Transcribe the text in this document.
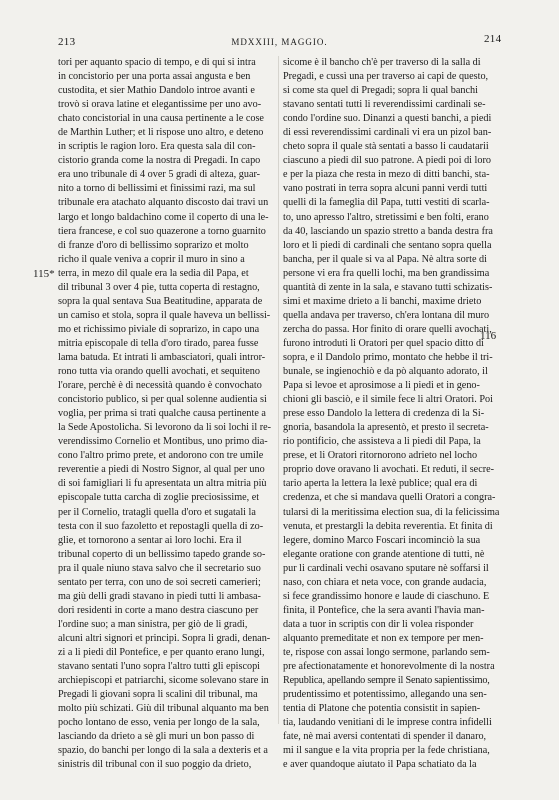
213	MDXXIII, MAGGIO.	214
115*
116
tori per aquanto spacio di tempo, e di qui si intra
in concistorio per una porta assai angusta e ben
custodita, et sier Mathio Dandolo introe avanti e
trovò si orava latine et elegantissime per uno avo-
chato concistorial in una causa pertinente a le cose
de Marthin Luther; et li rispose uno altro, e deteno
in scriptis le ragion loro. Era questa sala dil con-
cistorio granda come la nostra di Pregadi. In capo
era uno tribunale di 4 over 5 gradi di alteza, guar-
nito a torno di bellissimi et finissimi razi, ma sul
tribunale era atachato alquanto discosto dai travi un
largo et longo baldachino come il coperto di una le-
tiera francese, e col suo quazerone a torno guarnito
di franze d'oro di bellissimo soprarizo et molto
richo il quale veniva a coprir il muro in sino a
terra, in mezo dil quale era la sedia dil Papa, et
dil tribunal 3 over 4 pie, tutta coperta di restagno,
sopra la qual sentava Sua Beatitudine, apparata de
un camiso et stola, sopra il quale haveva un bellissi-
mo et richissimo piviale di soprarizo, in capo una
mitria episcopale di tella d'oro tirado, parea fusse
lama batuda. Et intrati li ambasciatori, quali intror-
rono tutta via orando quelli avochati, et sequiteno
l'orare, perchè è di necessità quando è convochato
concistorio publico, sì per qual solenne audientia si
voglia, per prima si trati qualche causa pertinente a
la Sede Apostolicha. Si levorono da li soi lochi il re-
verendissimo Cornelio et Montibus, uno primo dia-
cono l'altro primo prete, et andorono con tre umile
reverentie a piedi di Nostro Signor, al qual per uno
di soi famigliari li fu apresentata un altra mitria più
episcopale tutta carcha di zoglie preciosissime, et
per il Cornelio, tratagli quella d'oro et sugatali la
testa con il suo fazoletto et repostagli quella di zo-
glie, et tornorono a sentar ai loro lochi. Era il
tribunal coperto di un bellissimo tapedo grande so-
pra il quale niuno stava salvo che il secretario suo
sentato per terra, con uno de soi secreti camerieri;
ma giù delli gradi stavano in piedi tutti li ambasa-
dori residenti in corte a mano destra ciascuno per
l'ordine suo; a man sinistra, per giò de li gradi,
alcuni altri signori et principi. Sopra li gradi, denan-
zi a li piedi dil Pontefice, e per quanto erano lungi,
stavano sentati l'uno sopra l'altro tutti gli episcopi
archiepiscopi et patriarchi, sicome solevano stare in
Pregadi li giovani sopra li scalini dil tribunal, ma
molto più schizati. Giù dil tribunal alquanto ma ben
pocho lontano de esso, venia per longo de la sala,
lasciando da drieto a sè gli muri un bon passo di
spazio, do banchi per longo di la sala a dexteris et a
sinistris dil tribunal con il suo poggio da drieto,
sicome è il bancho ch'è per traverso di la salla di
Pregadi, e cussì una per traverso ai capi de questo,
si come sta quel di Pregadi; sopra li qual banchi
stavano sentati tutti li reverendissimi cardinali se-
condo l'ordine suo. Dinanzi a questi banchi, a piedi
di essi reverendissimi cardinali vi era un pizol ban-
cheto sopra il quale stà sentati a basso li caudatarii
ciascuno a piedi dil suo patrone. A piedi poi di loro
e per la piaza che resta in mezo di ditti banchi, sta-
vano postrati in terra sopra alcuni panni verdi tutti
quelli di la fameglia dil Papa, tutti vestiti di scarla-
to, uno apresso l'altro, stretissimi e ben folti, erano
da 40, lasciando un spazio stretto a banda destra fra
loro et li piedi di cardinali che sentano sopra quella
bancha, per il quale si va al Papa. Nè altra sorte di
persone vi era fra quelli lochi, ma ben grandissima
quantità di zente in la sala, e stavano tutti schizatis-
simi et maxime drieto a li banchi, maxime drieto
quella andava per traverso, ch'era lontana dil muro
zercha do passa. Hor finito di orare quelli avochati,
furono introduti li Oratori per quel spacio ditto di
sopra, e il Dandolo primo, montato che hebbe il tri-
bunale, se ingienochiò e da pò alquanto adorato, il
Papa si levoe et aprosimose a li piedi et in geno-
chioni gli basciò, e il simile fece li altri Oratori. Poi
prese esso Dandolo la lettera di credenza di la Si-
gnoria, basandola la apresentò, et presto il secreta-
rio pontificio, che assisteva a li piedi dil Papa, la
prese, et li Oratori ritornorono adrieto nel locho
proprio dove oravano li avochati. Et reduti, il secre-
tario aperta la lettera la lexè publice; qual era di
credenza, et che si mandava quelli Oratori a congra-
tularsi di la meritissima election sua, di la felicissima
venuta, et prestargli la debita reverentia. Et finita di
legere, domino Marco Foscari incominciò la sua
elegante oratione con grande atentione di tutti, nè
pur li cardinali vechi osavano sputare nè soffarsi il
naso, con chiara et neta voce, con grande audacia,
si fece grandissimo honore e laude di ciaschuno. E
finita, il Pontefice, che la sera avanti l'havia man-
data a tuor in scriptis con dir li volea risponder
alquanto premeditate et non ex tempore per men-
te, rispose con assai longo sermone, parlando sem-
pre afectionatamente et honorevolmente di la nostra
Republica, apellando sempre il Senato sapientissimo,
prudentissimo et potentissimo, allegando una sen-
tentia di Platone che potentia consistit in sapien-
tia, laudando venitiani di le imprese contra infidelli
fate, nè mai aversi contentati di spender il danaro,
mi il sangue e la vita propria per la fede christiana,
e aver quandoque aiutato il Papa schatiato da la
